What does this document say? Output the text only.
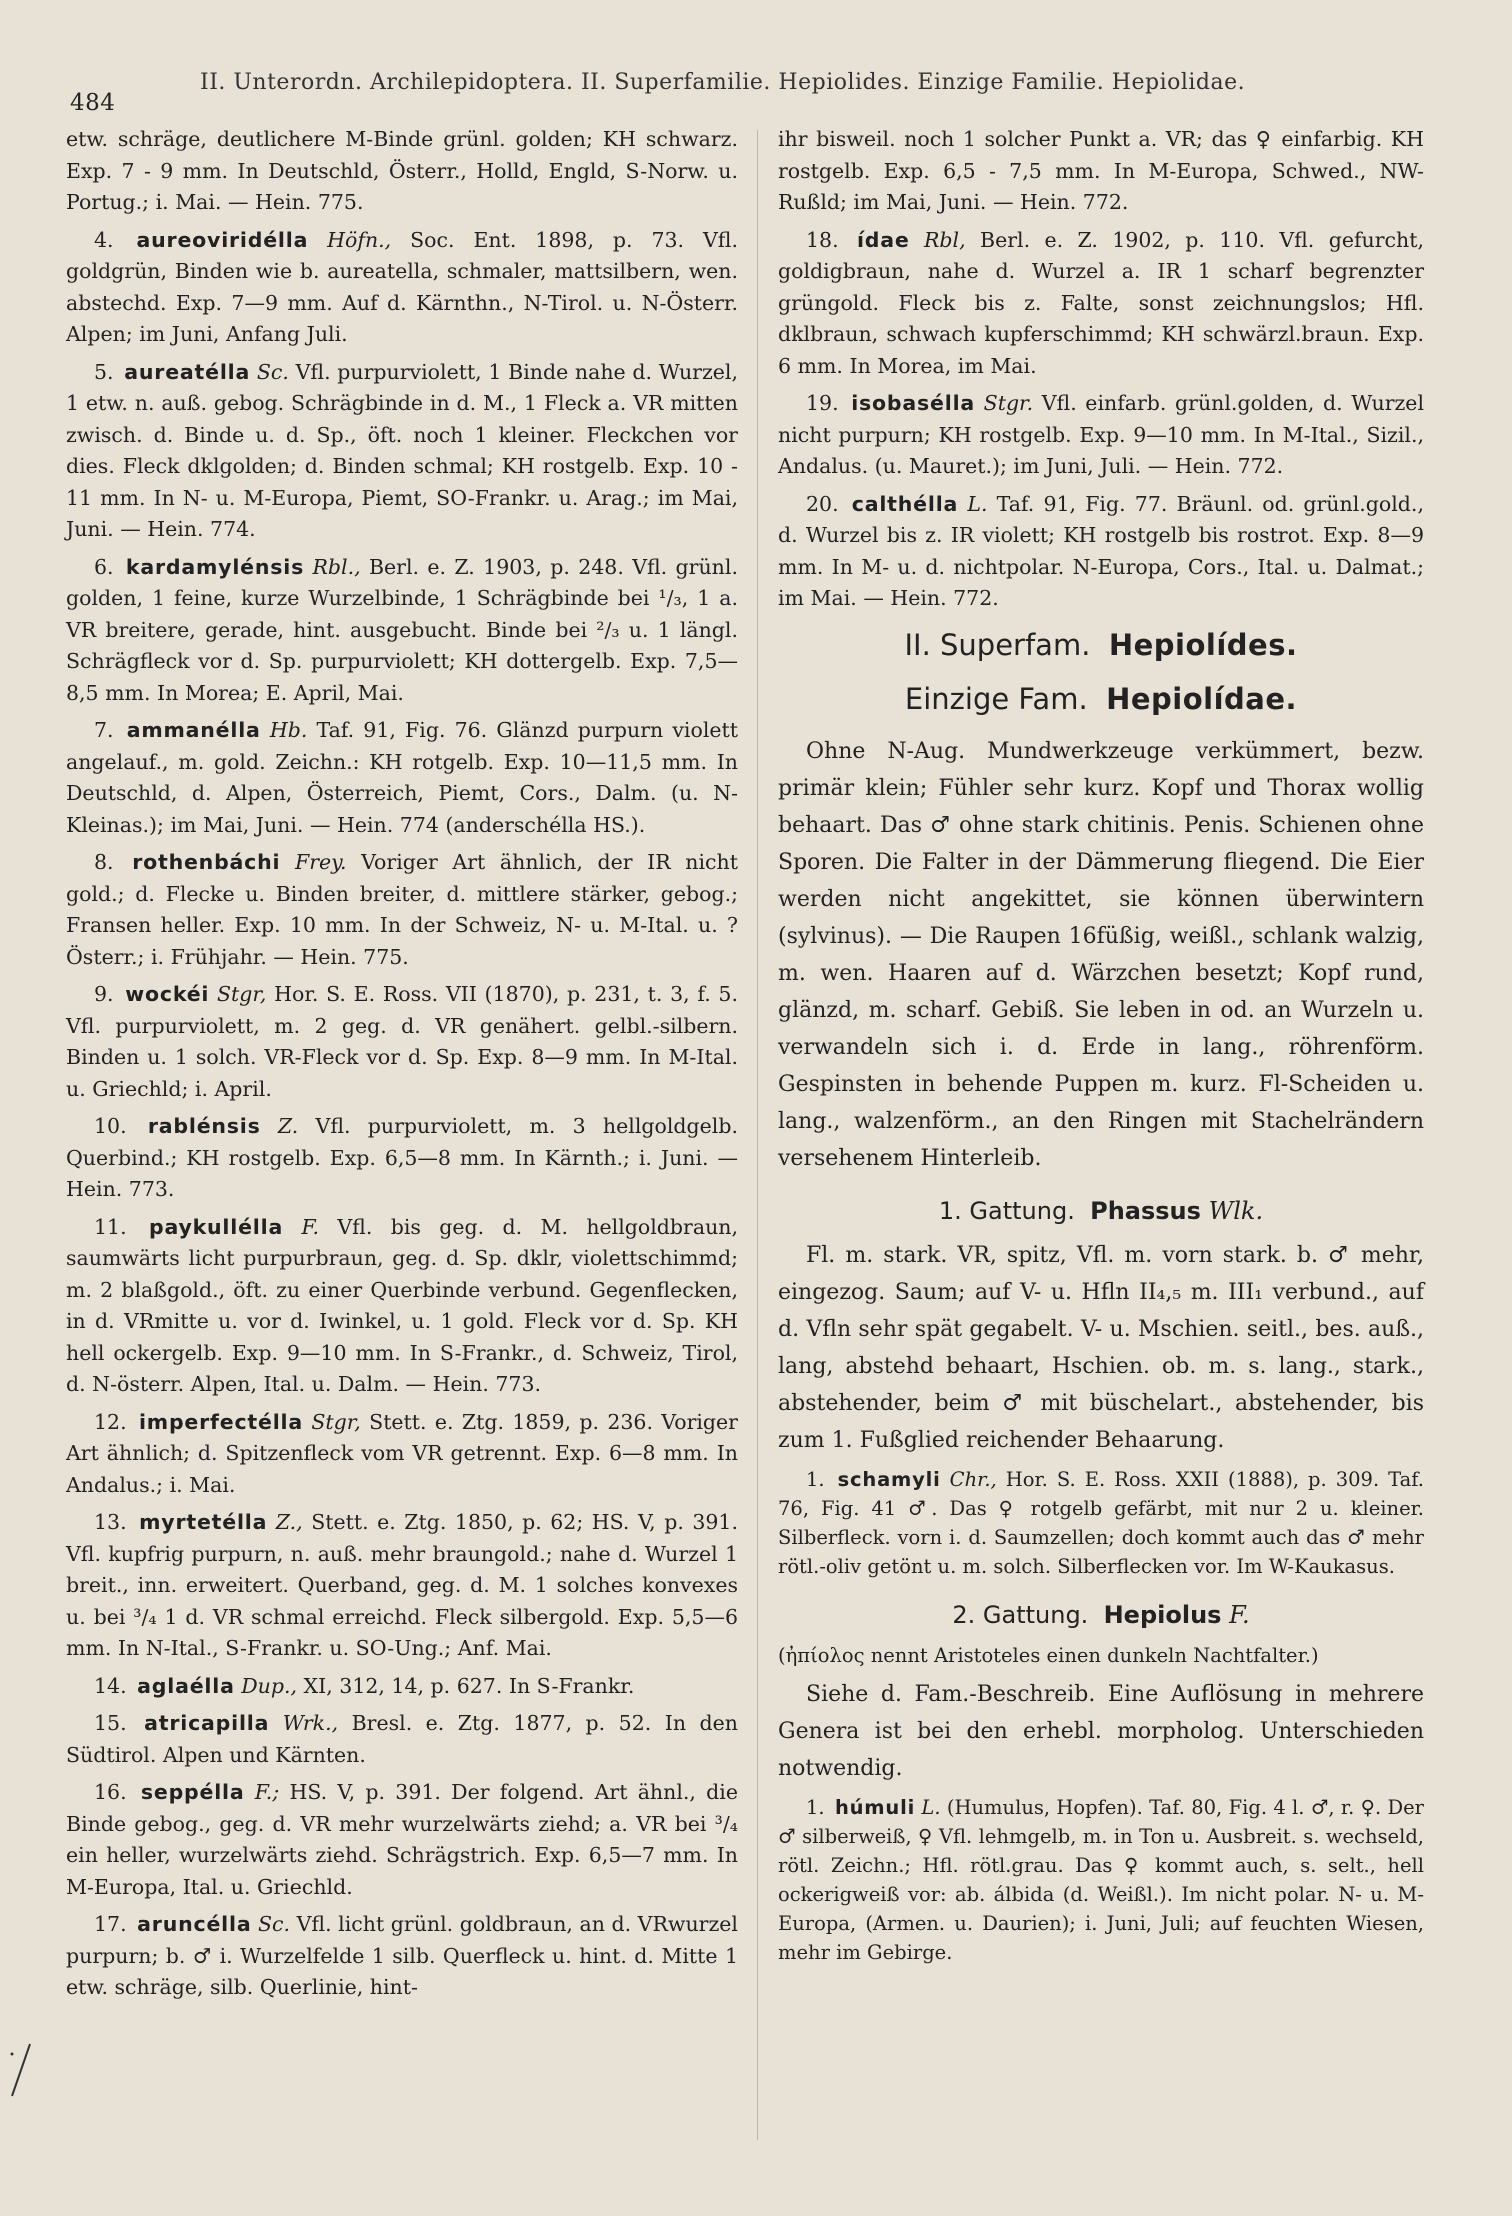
484
II. Unterordn. Archilepidoptera. II. Superfamilie. Hepiolides. Einzige Familie. Hepiolidae.

etw. schräge, deutlichere M-Binde grünl. golden; KH schwarz. Exp. 7 - 9 mm. In Deutschld, Österr., Holld, Engld, S-Norw. u. Portug.; i. Mai. — Hein. 775.

4. aureoviridélla Höfn., Soc. Ent. 1898, p. 73. Vfl. goldgrün, Binden wie b. aureatella, schmaler, mattsilbern, wen. abstechd. Exp. 7—9 mm. Auf d. Kärnthn., N-Tirol. u. N-Österr. Alpen; im Juni, Anfang Juli.

5. aureatélla Sc. Vfl. purpurviolett, 1 Binde nahe d. Wurzel, 1 etw. n. auß. gebog. Schrägbinde in d. M., 1 Fleck a. VR mitten zwisch. d. Binde u. d. Sp., öft. noch 1 kleiner. Fleckchen vor dies. Fleck dklgolden; d. Binden schmal; KH rostgelb. Exp. 10 - 11 mm. In N- u. M-Europa, Piemt, SO-Frankr. u. Arag.; im Mai, Juni. — Hein. 774.

6. kardamylénsis Rbl., Berl. e. Z. 1903, p. 248. Vfl. grünl. golden, 1 feine, kurze Wurzelbinde, 1 Schrägbinde bei ¹/₃, 1 a. VR breitere, gerade, hint. ausgebucht. Binde bei ²/₃ u. 1 längl. Schrägfleck vor d. Sp. purpurviolett; KH dottergelb. Exp. 7,5—8,5 mm. In Morea; E. April, Mai.

7. ammanélla Hb. Taf. 91, Fig. 76. Glänzd purpurn violett angelauf., m. gold. Zeichn.: KH rotgelb. Exp. 10—11,5 mm. In Deutschld, d. Alpen, Österreich, Piemt, Cors., Dalm. (u. N-Kleinas.); im Mai, Juni. — Hein. 774 (anderschélla HS.).

8. rothenbáchi Frey. Voriger Art ähnlich, der IR nicht gold.; d. Flecke u. Binden breiter, d. mittlere stärker, gebog.; Fransen heller. Exp. 10 mm. In der Schweiz, N- u. M-Ital. u. ? Österr.; i. Frühjahr. — Hein. 775.

9. wockéi Stgr, Hor. S. E. Ross. VII (1870), p. 231, t. 3, f. 5. Vfl. purpurviolett, m. 2 geg. d. VR genähert. gelbl.-silbern. Binden u. 1 solch. VR-Fleck vor d. Sp. Exp. 8—9 mm. In M-Ital. u. Griechld; i. April.

10. rablénsis Z. Vfl. purpurviolett, m. 3 hellgoldgelb. Querbind.; KH rostgelb. Exp. 6,5—8 mm. In Kärnth.; i. Juni. — Hein. 773.

11. paykullélla F. Vfl. bis geg. d. M. hellgoldbraun, saumwärts licht purpurbraun, geg. d. Sp. dklr, violettschimmd; m. 2 blaßgold., öft. zu einer Querbinde verbund. Gegenflecken, in d. VRmitte u. vor d. Iwinkel, u. 1 gold. Fleck vor d. Sp. KH hell ockergelb. Exp. 9—10 mm. In S-Frankr., d. Schweiz, Tirol, d. N-österr. Alpen, Ital. u. Dalm. — Hein. 773.

12. imperfectélla Stgr, Stett. e. Ztg. 1859, p. 236. Voriger Art ähnlich; d. Spitzenfleck vom VR getrennt. Exp. 6—8 mm. In Andalus.; i. Mai.

13. myrtetélla Z., Stett. e. Ztg. 1850, p. 62; HS. V, p. 391. Vfl. kupfrig purpurn, n. auß. mehr braungold.; nahe d. Wurzel 1 breit., inn. erweitert. Querband, geg. d. M. 1 solches konvexes u. bei ³/₄ 1 d. VR schmal erreichd. Fleck silbergold. Exp. 5,5—6 mm. In N-Ital., S-Frankr. u. SO-Ung.; Anf. Mai.

14. aglaélla Dup., XI, 312, 14, p. 627. In S-Frankr.

15. atricapilla Wrk., Bresl. e. Ztg. 1877, p. 52. In den Südtirol. Alpen und Kärnten.

16. seppélla F.; HS. V, p. 391. Der folgend. Art ähnl., die Binde gebog., geg. d. VR mehr wurzelwärts ziehd; a. VR bei ³/₄ ein heller, wurzelwärts ziehd. Schrägstrich. Exp. 6,5—7 mm. In M-Europa, Ital. u. Griechld.

17. aruncélla Sc. Vfl. licht grünl. goldbraun, an d. VRwurzel purpurn; b. ♂ i. Wurzelfelde 1 silb. Querfleck u. hint. d. Mitte 1 etw. schräge, silb. Querlinie, hint-

ihr bisweil. noch 1 solcher Punkt a. VR; das ♀ einfarbig. KH rostgelb. Exp. 6,5 - 7,5 mm. In M-Europa, Schwed., NW-Rußld; im Mai, Juni. — Hein. 772.

18. ídae Rbl, Berl. e. Z. 1902, p. 110. Vfl. gefurcht, goldigbraun, nahe d. Wurzel a. IR 1 scharf begrenzter grüngold. Fleck bis z. Falte, sonst zeichnungslos; Hfl. dklbraun, schwach kupferschimmd; KH schwärzl.braun. Exp. 6 mm. In Morea, im Mai.

19. isobasélla Stgr. Vfl. einfarb. grünl.golden, d. Wurzel nicht purpurn; KH rostgelb. Exp. 9—10 mm. In M-Ital., Sizil., Andalus. (u. Mauret.); im Juni, Juli. — Hein. 772.

20. calthélla L. Taf. 91, Fig. 77. Bräunl. od. grünl.gold., d. Wurzel bis z. IR violett; KH rostgelb bis rostrot. Exp. 8—9 mm. In M- u. d. nichtpolar. N-Europa, Cors., Ital. u. Dalmat.; im Mai. — Hein. 772.

II. Superfam. Hepiolídes.
Einzige Fam. Hepiolídae.

Ohne N-Aug. Mundwerkzeuge verkümmert, bezw. primär klein; Fühler sehr kurz. Kopf und Thorax wollig behaart. Das ♂ ohne stark chitinis. Penis. Schienen ohne Sporen. Die Falter in der Dämmerung fliegend. Die Eier werden nicht angekittet, sie können überwintern (sylvinus). — Die Raupen 16füßig, weißl., schlank walzig, m. wen. Haaren auf d. Wärzchen besetzt; Kopf rund, glänzd, m. scharf. Gebiß. Sie leben in od. an Wurzeln u. verwandeln sich i. d. Erde in lang., röhrenförm. Gespinsten in behende Puppen m. kurz. Fl-Scheiden u. lang., walzenförm., an den Ringen mit Stachelrändern versehenem Hinterleib.

1. Gattung. Phassus Wlk.

Fl. m. stark. VR, spitz, Vfl. m. vorn stark. b. ♂ mehr, eingezog. Saum; auf V- u. Hfln II₄,₅ m. III₁ verbund., auf d. Vfln sehr spät gegabelt. V- u. Mschien. seitl., bes. auß., lang, abstehd behaart, Hschien. ob. m. s. lang., stark., abstehender, beim ♂ mit büschelart., abstehender, bis zum 1. Fußglied reichender Behaarung.

1. schamyli Chr., Hor. S. E. Ross. XXII (1888), p. 309. Taf. 76, Fig. 41 ♂. Das ♀ rotgelb gefärbt, mit nur 2 u. kleiner. Silberfleck. vorn i. d. Saumzellen; doch kommt auch das ♂ mehr rötl.-oliv getönt u. m. solch. Silberflecken vor. Im W-Kaukasus.

2. Gattung. Hepiolus F.

(ἠπίολος nennt Aristoteles einen dunkeln Nachtfalter.)

Siehe d. Fam.-Beschreib. Eine Auflösung in mehrere Genera ist bei den erhebl. morpholog. Unterschieden notwendig.

1. húmuli L. (Humulus, Hopfen). Taf. 80, Fig. 4 l. ♂, r. ♀. Der ♂ silberweiß, ♀ Vfl. lehmgelb, m. in Ton u. Ausbreit. s. wechseld, rötl. Zeichn.; Hfl. rötl.grau. Das ♀ kommt auch, s. selt., hell ockerigweiß vor: ab. álbida (d. Weißl.). Im nicht polar. N- u. M-Europa, (Armen. u. Daurien); i. Juni, Juli; auf feuchten Wiesen, mehr im Gebirge.
